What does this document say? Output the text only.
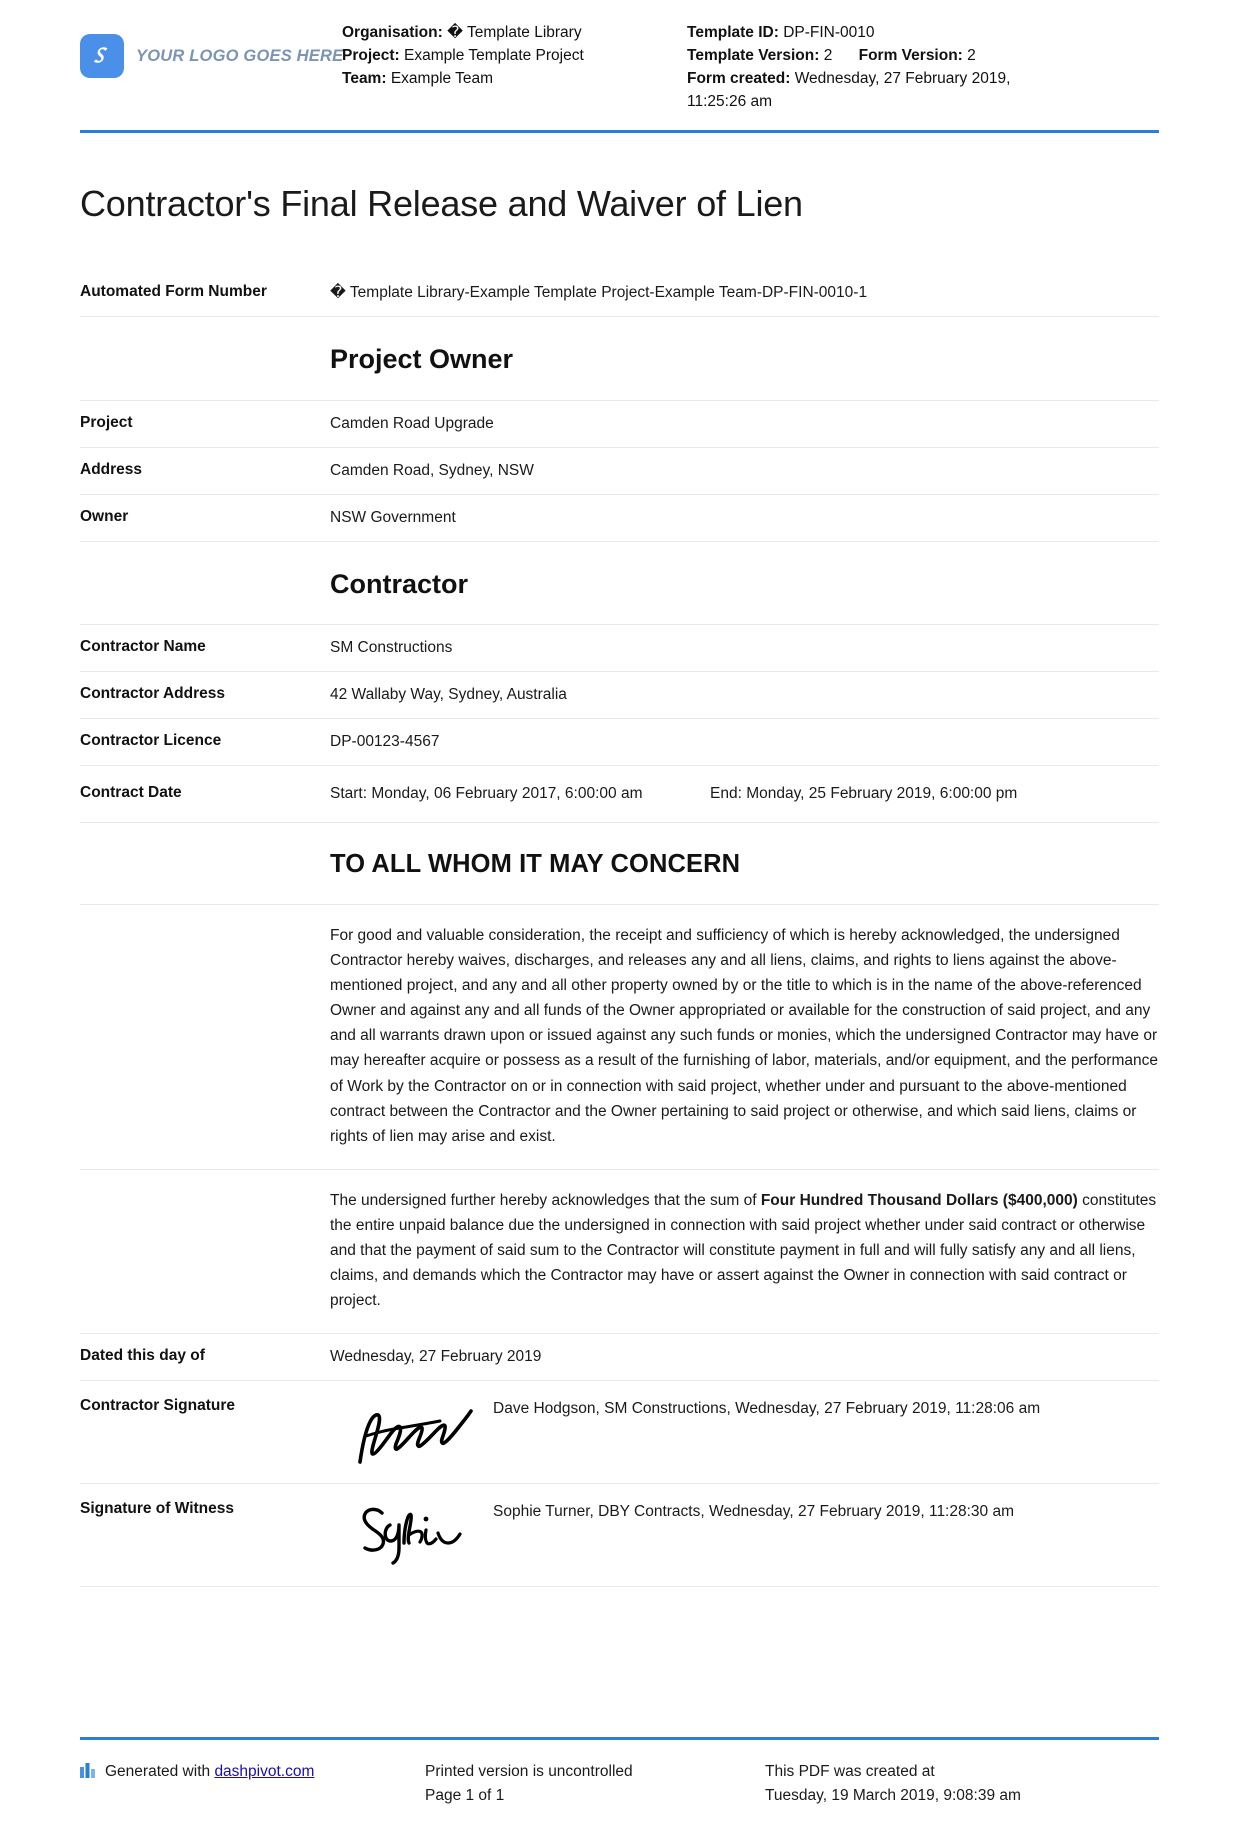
YOUR LOGO GOES HERE
Organisation: � Template Library
Project: Example Template Project
Team: Example Team
Template ID: DP-FIN-0010
Template Version: 2 Form Version: 2
Form created: Wednesday, 27 February 2019,
11:25:26 am
Contractor's Final Release and Waiver of Lien
Automated Form Number	� Template Library-Example Template Project-Example Team-DP-FIN-0010-1
Project Owner
Project	Camden Road Upgrade
Address	Camden Road, Sydney, NSW
Owner	NSW Government
Contractor
Contractor Name	SM Constructions
Contractor Address	42 Wallaby Way, Sydney, Australia
Contractor Licence	DP-00123-4567
Contract Date	Start: Monday, 06 February 2017, 6:00:00 am	End: Monday, 25 February 2019, 6:00:00 pm
TO ALL WHOM IT MAY CONCERN

For good and valuable consideration, the receipt and sufficiency of which is hereby acknowledged, the undersigned Contractor hereby waives, discharges, and releases any and all liens, claims, and rights to liens against the above-mentioned project, and any and all other property owned by or the title to which is in the name of the above-referenced Owner and against any and all funds of the Owner appropriated or available for the construction of said project, and any and all warrants drawn upon or issued against any such funds or monies, which the undersigned Contractor may have or may hereafter acquire or possess as a result of the furnishing of labor, materials, and/or equipment, and the performance of Work by the Contractor on or in connection with said project, whether under and pursuant to the above-mentioned contract between the Contractor and the Owner pertaining to said project or otherwise, and which said liens, claims or rights of lien may arise and exist.

The undersigned further hereby acknowledges that the sum of Four Hundred Thousand Dollars ($400,000) constitutes the entire unpaid balance due the undersigned in connection with said project whether under said contract or otherwise and that the payment of said sum to the Contractor will constitute payment in full and will fully satisfy any and all liens, claims, and demands which the Contractor may have or assert against the Owner in connection with said contract or project.

Dated this day of	Wednesday, 27 February 2019
Contractor Signature	Dave Hodgson, SM Constructions, Wednesday, 27 February 2019, 11:28:06 am
Signature of Witness	Sophie Turner, DBY Contracts, Wednesday, 27 February 2019, 11:28:30 am
Generated with dashpivot.com	Printed version is uncontrolled
Page 1 of 1
This PDF was created at
Tuesday, 19 March 2019, 9:08:39 am
